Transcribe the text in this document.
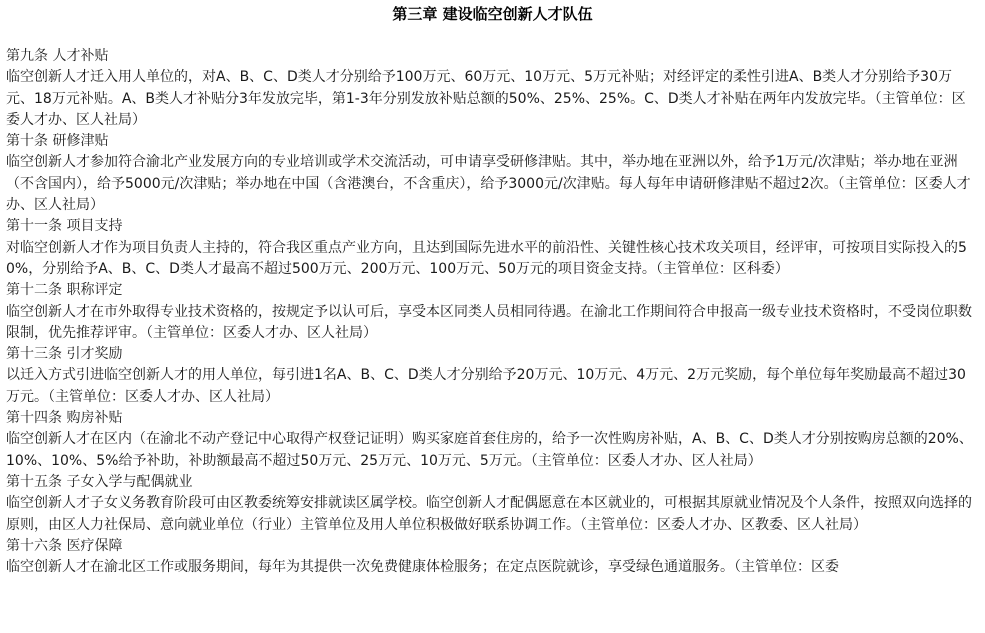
第三章 建设临空创新人才队伍
第九条 人才补贴
临空创新人才迁入用人单位的，对A、B、C、D类人才分别给予100万元、60万元、10万元、5万元补贴；对经评定的柔性引进A、B类人才分别给予30万元、18万元补贴。A、B类人才补贴分3年发放完毕，第1-3年分别发放补贴总额的50%、25%、25%。C、D类人才补贴在两年内发放完毕。（主管单位：区委人才办、区人社局）
第十条 研修津贴
临空创新人才参加符合渝北产业发展方向的专业培训或学术交流活动，可申请享受研修津贴。其中，举办地在亚洲以外，给予1万元/次津贴；举办地在亚洲（不含国内），给予5000元/次津贴；举办地在中国（含港澳台，不含重庆），给予3000元/次津贴。每人每年申请研修津贴不超过2次。（主管单位：区委人才办、区人社局）
第十一条 项目支持
对临空创新人才作为项目负责人主持的，符合我区重点产业方向，且达到国际先进水平的前沿性、关键性核心技术攻关项目，经评审，可按项目实际投入的50%，分别给予A、B、C、D类人才最高不超过500万元、200万元、100万元、50万元的项目资金支持。（主管单位：区科委）
第十二条 职称评定
临空创新人才在市外取得专业技术资格的，按规定予以认可后，享受本区同类人员相同待遇。在渝北工作期间符合申报高一级专业技术资格时，不受岗位职数限制，优先推荐评审。（主管单位：区委人才办、区人社局）
第十三条 引才奖励
以迁入方式引进临空创新人才的用人单位，每引进1名A、B、C、D类人才分别给予20万元、10万元、4万元、2万元奖励，每个单位每年奖励最高不超过30万元。（主管单位：区委人才办、区人社局）
第十四条 购房补贴
临空创新人才在区内（在渝北不动产登记中心取得产权登记证明）购买家庭首套住房的，给予一次性购房补贴，A、B、C、D类人才分别按购房总额的20%、10%、10%、5%给予补助，补助额最高不超过50万元、25万元、10万元、5万元。（主管单位：区委人才办、区人社局）
第十五条 子女入学与配偶就业
临空创新人才子女义务教育阶段可由区教委统筹安排就读区属学校。临空创新人才配偶愿意在本区就业的，可根据其原就业情况及个人条件，按照双向选择的原则，由区人力社保局、意向就业单位（行业）主管单位及用人单位积极做好联系协调工作。（主管单位：区委人才办、区教委、区人社局）
第十六条 医疗保障
临空创新人才在渝北区工作或服务期间，每年为其提供一次免费健康体检服务；在定点医院就诊，享受绿色通道服务。（主管单位：区委
